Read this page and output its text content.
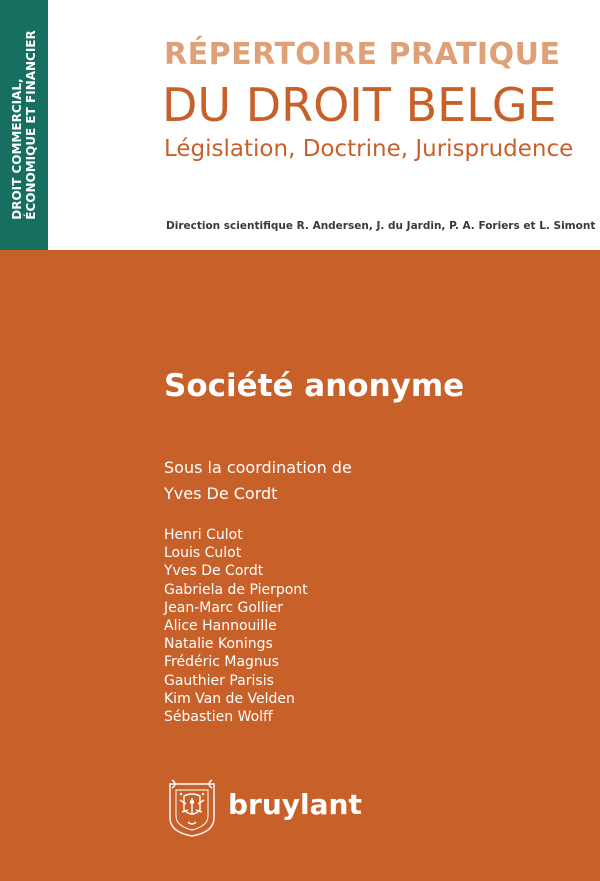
DROIT COMMERCIAL, ÉCONOMIQUE ET FINANCIER	RÉPERTOIRE PRATIQUE
DU DROIT BELGE
Législation, Doctrine, Jurisprudence
Direction scientifique R. Andersen, J. du Jardin, P. A. Foriers et L. Simont
Société anonyme
Sous la coordination de
Yves De Cordt
Henri Culot
Louis Culot
Yves De Cordt
Gabriela de Pierpont
Jean-Marc Gollier
Alice Hannouille
Natalie Konings
Frédéric Magnus
Gauthier Parisis
Kim Van de Velden
Sébastien Wolff
bruylant
